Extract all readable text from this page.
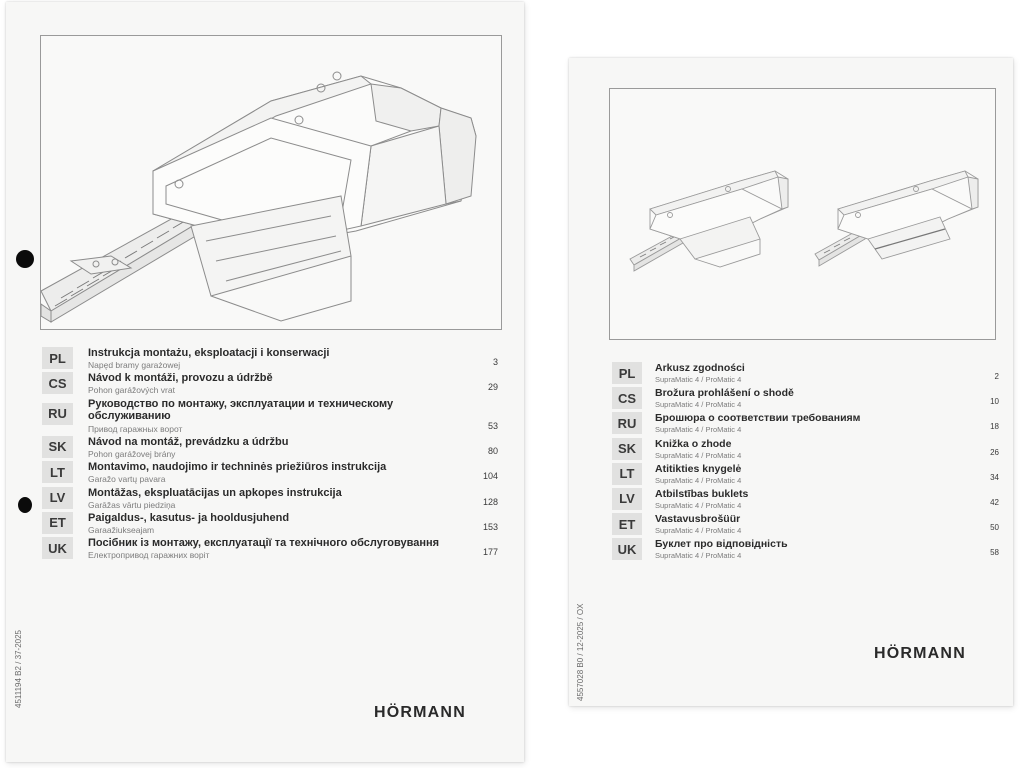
PL	Instrukcja montażu, eksploatacji i konserwacji
Napęd bramy garażowej	3
CS	Návod k montáži, provozu a údržbě
Pohon garážových vrat	29
RU
Руководство по монтажу, эксплуатации и техническому
обслуживанию
Привод гаражных ворот	53
SK	Návod na montáž, prevádzku a údržbu
Pohon garážovej brány	80
LT	Montavimo, naudojimo ir techninės priežiūros instrukcija
Garažo vartų pavara	104
LV	Montāžas, ekspluatācijas un apkopes instrukcija
Garāžas vārtu piedziņa	128
ET	Paigaldus-, kasutus- ja hooldusjuhend
Garaažiukseajam	153
UK	Посібник із монтажу, експлуатації та технічного обслуговування
Електропривод гаражних воріт	177
4511194 B2 / 37-2025
HÖRMANN
PL	Arkusz zgodności
SupraMatic 4 / ProMatic 4	2
CS	Brožura prohlášení o shodě
SupraMatic 4 / ProMatic 4	10
RU	Брошюра о соответствии требованиям
SupraMatic 4 / ProMatic 4	18
SK	Knižka o zhode
SupraMatic 4 / ProMatic 4	26
LT	Atitikties knygelė
SupraMatic 4 / ProMatic 4	34
LV	Atbilstības buklets
SupraMatic 4 / ProMatic 4	42
ET	Vastavusbrošüür
SupraMatic 4 / ProMatic 4	50
UK	Буклет про відповідність
SupraMatic 4 / ProMatic 4	58
4557028 B0 / 12-2025 / OX	HÖRMANN
